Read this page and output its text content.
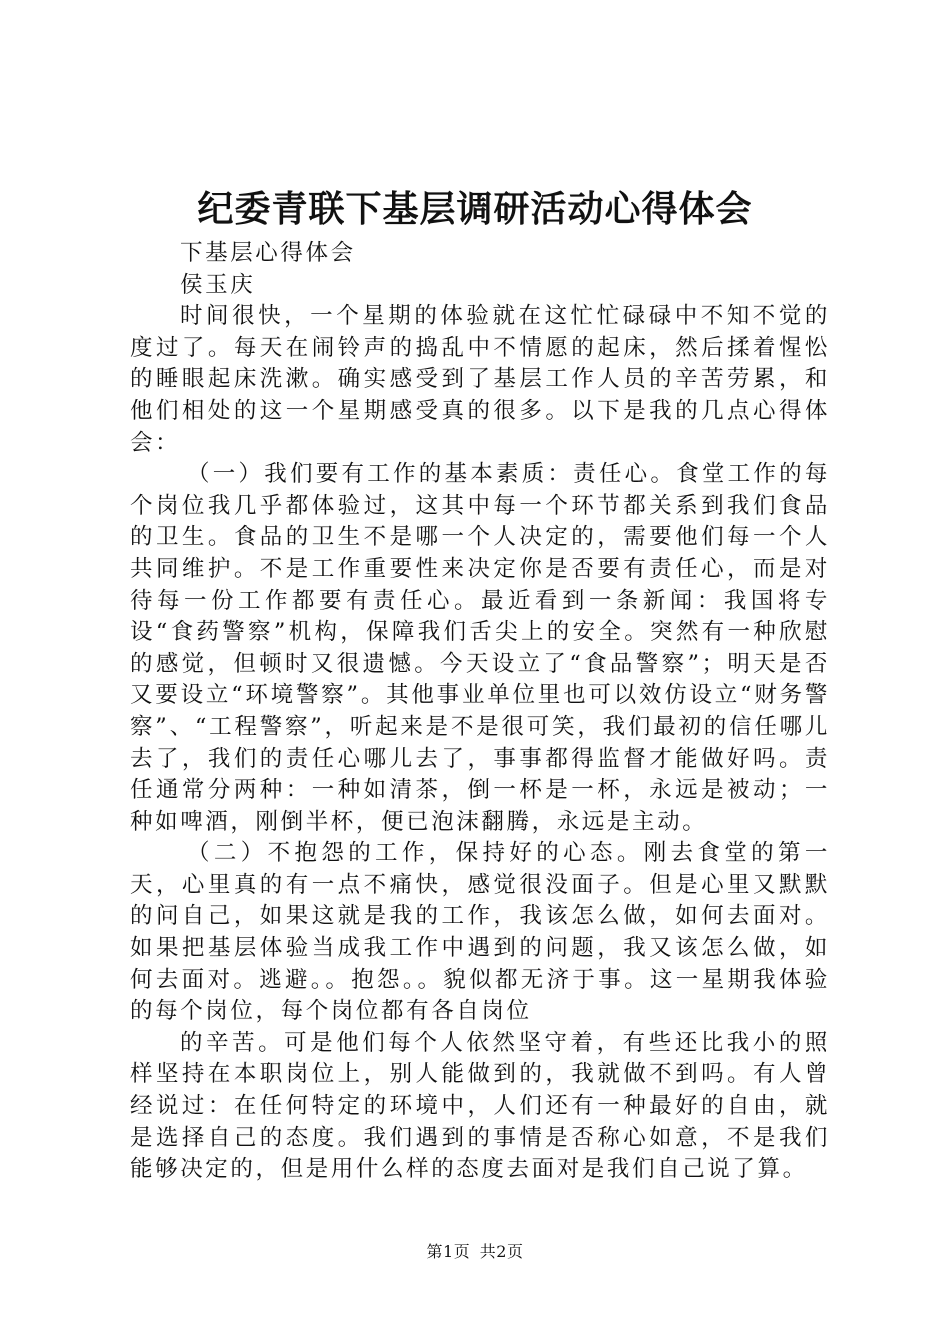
纪委青联下基层调研活动心得体会

下基层心得体会

侯玉庆

时间很快，一个星期的体验就在这忙忙碌碌中不知不觉的度过了。每天在闹铃声的捣乱中不情愿的起床，然后揉着惺忪的睡眼起床洗漱。确实感受到了基层工作人员的辛苦劳累，和他们相处的这一个星期感受真的很多。以下是我的几点心得体会：

（一）我们要有工作的基本素质：责任心。食堂工作的每个岗位我几乎都体验过，这其中每一个环节都关系到我们食品的卫生。食品的卫生不是哪一个人决定的，需要他们每一个人共同维护。不是工作重要性来决定你是否要有责任心，而是对待每一份工作都要有责任心。最近看到一条新闻：我国将专设“食药警察”机构，保障我们舌尖上的安全。突然有一种欣慰的感觉，但顿时又很遗憾。今天设立了“食品警察”；明天是否又要设立“环境警察”。其他事业单位里也可以效仿设立“财务警察”、“工程警察”，听起来是不是很可笑，我们最初的信任哪儿去了，我们的责任心哪儿去了，事事都得监督才能做好吗。责任通常分两种：一种如清茶，倒一杯是一杯，永远是被动；一种如啤酒，刚倒半杯，便已泡沫翻腾，永远是主动。

（二）不抱怨的工作，保持好的心态。刚去食堂的第一天，心里真的有一点不痛快，感觉很没面子。但是心里又默默的问自己，如果这就是我的工作，我该怎么做，如何去面对。如果把基层体验当成我工作中遇到的问题，我又该怎么做，如何去面对。逃避。。抱怨。。貌似都无济于事。这一星期我体验的每个岗位，每个岗位都有各自岗位

的辛苦。可是他们每个人依然坚守着，有些还比我小的照样坚持在本职岗位上，别人能做到的，我就做不到吗。有人曾经说过：在任何特定的环境中，人们还有一种最好的自由，就是选择自己的态度。我们遇到的事情是否称心如意，不是我们能够决定的，但是用什么样的态度去面对是我们自己说了算。

第1页 共2页
